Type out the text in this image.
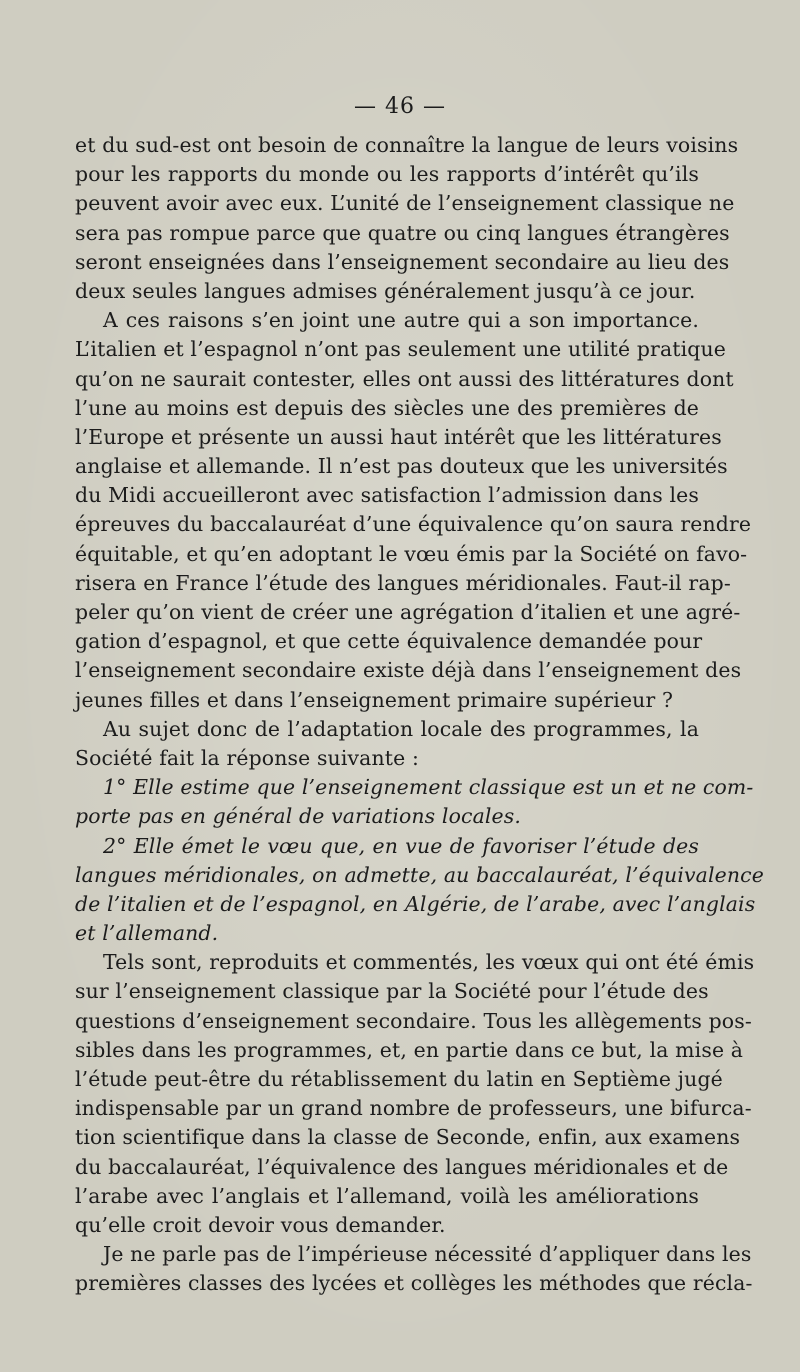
— 46 —
et du sud-est ont besoin de connaître la langue de leurs voisins
pour les rapports du monde ou les rapports d’intérêt qu’ils
peuvent avoir avec eux. L’unité de l’enseignement classique ne
sera pas rompue parce que quatre ou cinq langues étrangères
seront enseignées dans l’enseignement secondaire au lieu des
deux seules langues admises généralement jusqu’à ce jour.
A ces raisons s’en joint une autre qui a son importance.
L’italien et l’espagnol n’ont pas seulement une utilité pratique
qu’on ne saurait contester, elles ont aussi des littératures dont
l’une au moins est depuis des siècles une des premières de
l’Europe et présente un aussi haut intérêt que les littératures
anglaise et allemande. Il n’est pas douteux que les universités
du Midi accueilleront avec satisfaction l’admission dans les
épreuves du baccalauréat d’une équivalence qu’on saura rendre
équitable, et qu’en adoptant le vœu émis par la Société on favo-
risera en France l’étude des langues méridionales. Faut-il rap-
peler qu’on vient de créer une agrégation d’italien et une agré-
gation d’espagnol, et que cette équivalence demandée pour
l’enseignement secondaire existe déjà dans l’enseignement des
jeunes filles et dans l’enseignement primaire supérieur ?
Au sujet donc de l’adaptation locale des programmes, la
Société fait la réponse suivante :
1° Elle estime que l’enseignement classique est un et ne com-
porte pas en général de variations locales.
2° Elle émet le vœu que, en vue de favoriser l’étude des
langues méridionales, on admette, au baccalauréat, l’équivalence
de l’italien et de l’espagnol, en Algérie, de l’arabe, avec l’anglais
et l’allemand.
Tels sont, reproduits et commentés, les vœux qui ont été émis
sur l’enseignement classique par la Société pour l’étude des
questions d’enseignement secondaire. Tous les allègements pos-
sibles dans les programmes, et, en partie dans ce but, la mise à
l’étude peut-être du rétablissement du latin en Septième jugé
indispensable par un grand nombre de professeurs, une bifurca-
tion scientifique dans la classe de Seconde, enfin, aux examens
du baccalauréat, l’équivalence des langues méridionales et de
l’arabe avec l’anglais et l’allemand, voilà les améliorations
qu’elle croit devoir vous demander.
Je ne parle pas de l’impérieuse nécessité d’appliquer dans les
premières classes des lycées et collèges les méthodes que récla-
